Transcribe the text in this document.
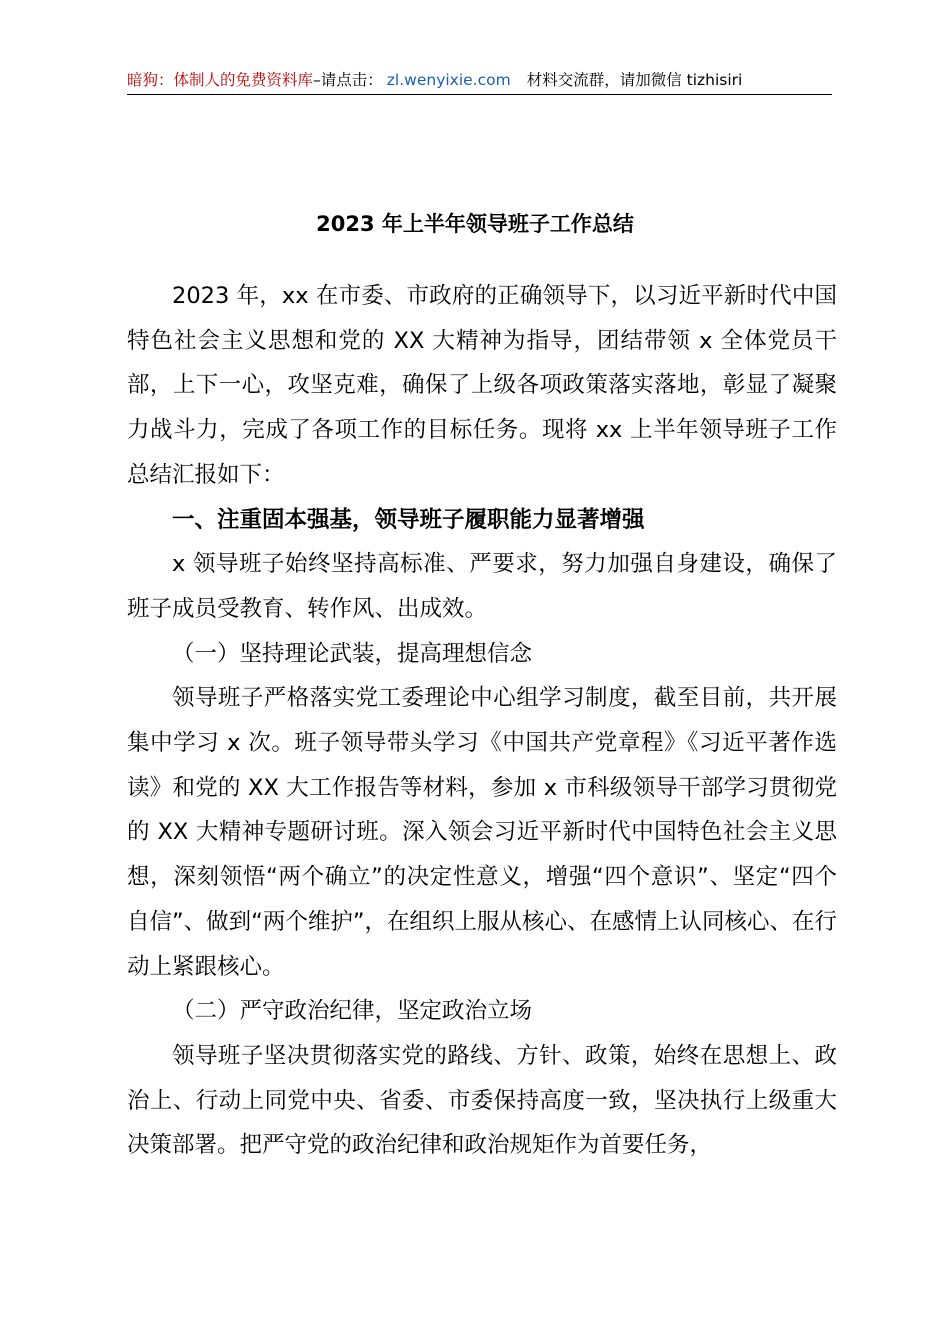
暗狗：体制人的免费资料库–请点击： zl.wenyixie.com 材料交流群，请加微信 tizhisiri
2023 年上半年领导班子工作总结

2023 年，xx 在市委、市政府的正确领导下，以习近平新时代中国特色社会主义思想和党的 XX 大精神为指导，团结带领 x 全体党员干部，上下一心，攻坚克难，确保了上级各项政策落实落地，彰显了凝聚力战斗力，完成了各项工作的目标任务。现将 xx 上半年领导班子工作总结汇报如下：

一、注重固本强基，领导班子履职能力显著增强

x 领导班子始终坚持高标准、严要求，努力加强自身建设，确保了班子成员受教育、转作风、出成效。

（一）坚持理论武装，提高理想信念

领导班子严格落实党工委理论中心组学习制度，截至目前，共开展集中学习 x 次。班子领导带头学习《中国共产党章程》《习近平著作选读》和党的 XX 大工作报告等材料，参加 x 市科级领导干部学习贯彻党的 XX 大精神专题研讨班。深入领会习近平新时代中国特色社会主义思想，深刻领悟“两个确立”的决定性意义，增强“四个意识”、坚定“四个自信”、做到“两个维护”，在组织上服从核心、在感情上认同核心、在行动上紧跟核心。

（二）严守政治纪律，坚定政治立场

领导班子坚决贯彻落实党的路线、方针、政策，始终在思想上、政治上、行动上同党中央、省委、市委保持高度一致，坚决执行上级重大决策部署。把严守党的政治纪律和政治规矩作为首要任务，
